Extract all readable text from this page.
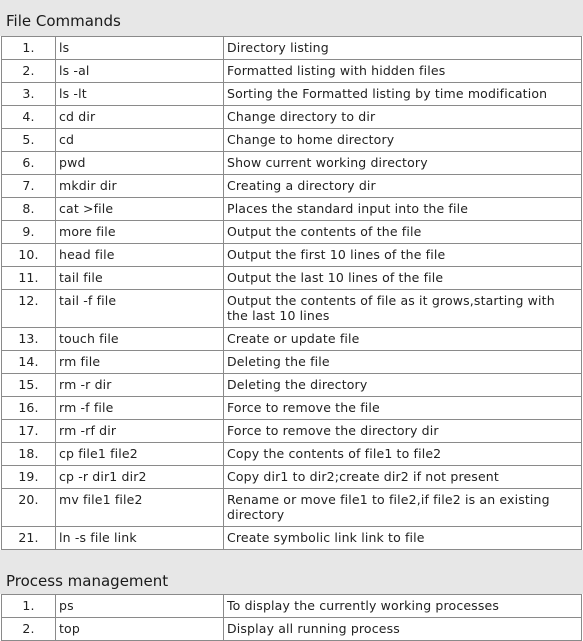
File Commands
1.	ls	Directory listing
2.	ls -al	Formatted listing with hidden files
3.	ls -lt	Sorting the Formatted listing by time modification
4.	cd dir	Change directory to dir
5.	cd	Change to home directory
6.	pwd	Show current working directory
7.	mkdir dir	Creating a directory dir
8.	cat >file	Places the standard input into the file
9.	more file	Output the contents of the file
10.	head file	Output the first 10 lines of the file
11.	tail file	Output the last 10 lines of the file
12.	tail -f file	Output the contents of file as it grows,starting with the last 10 lines
13.	touch file	Create or update file
14.	rm file	Deleting the file
15.	rm -r dir	Deleting the directory
16.	rm -f file	Force to remove the file
17.	rm -rf dir	Force to remove the directory dir
18.	cp file1 file2	Copy the contents of file1 to file2
19.	cp -r dir1 dir2	Copy dir1 to dir2;create dir2 if not present
20.	mv file1 file2	Rename or move file1 to file2,if file2 is an existing directory
21.	ln -s file link	Create symbolic link link to file
Process management
1.	ps	To display the currently working processes
2.	top	Display all running process
